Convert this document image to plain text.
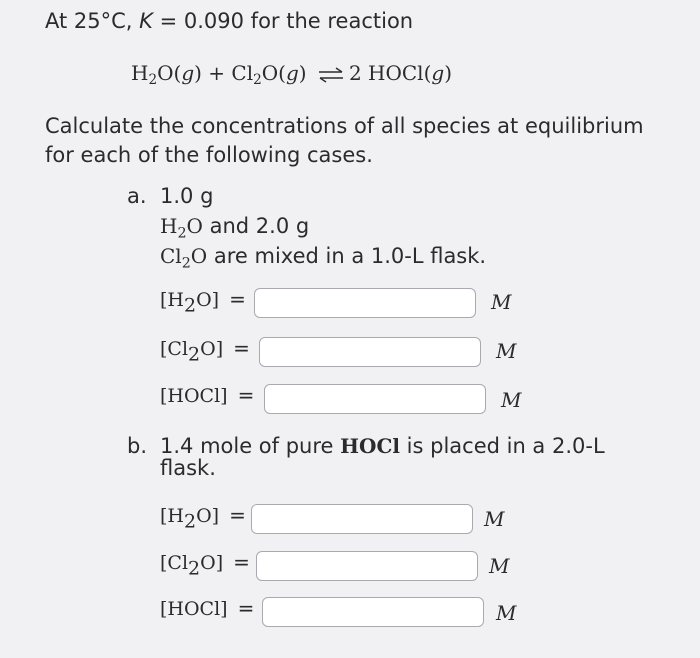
At 25°C, K = 0.090 for the reaction
$H_2O(g) + Cl_2O(g)$ ⇌ 2 HOCl(g)
Calculate the concentrations of all species at equilibrium
for each of the following cases.
a. 1.0 g
$H_2O$ and 2.0 g
$Cl_2O$ are mixed in a 1.0-L flask.
[H2O] =	M
[Cl2O] =	M
[HOCl] =	M
b. 1.4 mole of pure HOCl is placed in a 2.0-L
flask.
[H2O] =	M
[Cl2O] =	M
[HOCl] =	M
